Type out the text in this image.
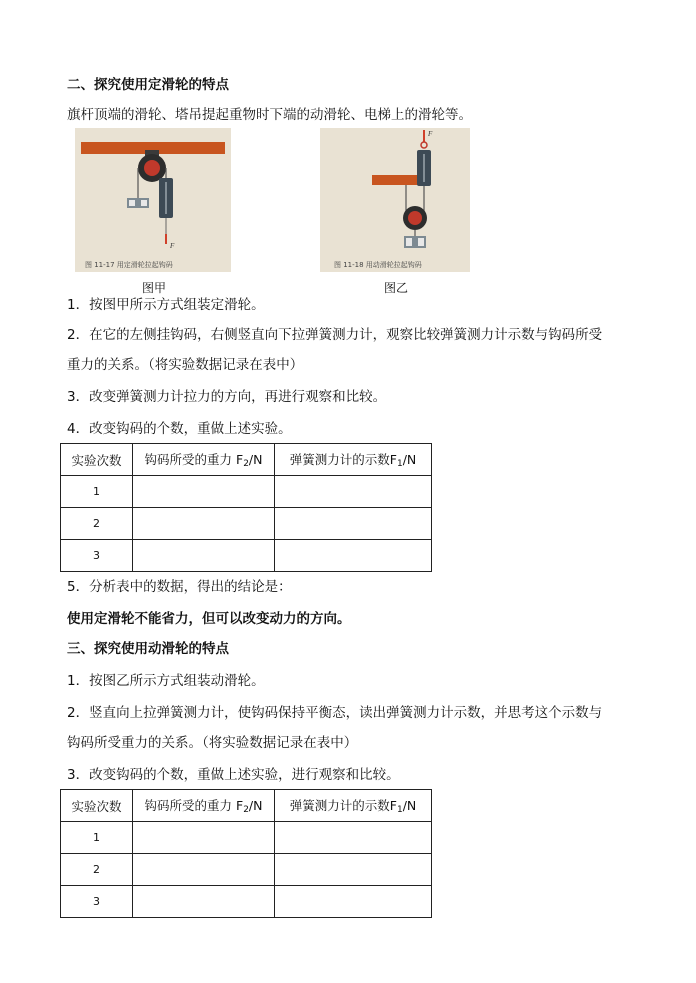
二、探究使用定滑轮的特点
旗杆顶端的滑轮、塔吊提起重物时下端的动滑轮、电梯上的滑轮等。
F
图 11-17 用定滑轮拉起钩码
图甲
F
图 11-18 用动滑轮拉起钩码
图乙
1．按图甲所示方式组装定滑轮。
2．在它的左侧挂钩码，右侧竖直向下拉弹簧测力计，观察比较弹簧测力计示数与钩码所受
重力的关系。（将实验数据记录在表中）
3．改变弹簧测力计拉力的方向，再进行观察和比较。
4．改变钩码的个数，重做上述实验。
实验次数	钩码所受的重力 $F_2/N$	弹簧测力计的示数$F_1/N$
1		
2		
3		
5．分析表中的数据，得出的结论是：
使用定滑轮不能省力，但可以改变动力的方向。
三、探究使用动滑轮的特点
1．按图乙所示方式组装动滑轮。
2．竖直向上拉弹簧测力计，使钩码保持平衡态，读出弹簧测力计示数，并思考这个示数与
钩码所受重力的关系。（将实验数据记录在表中）
3．改变钩码的个数，重做上述实验，进行观察和比较。
实验次数	钩码所受的重力 $F_2/N$	弹簧测力计的示数$F_1/N$
1		
2		
3		
